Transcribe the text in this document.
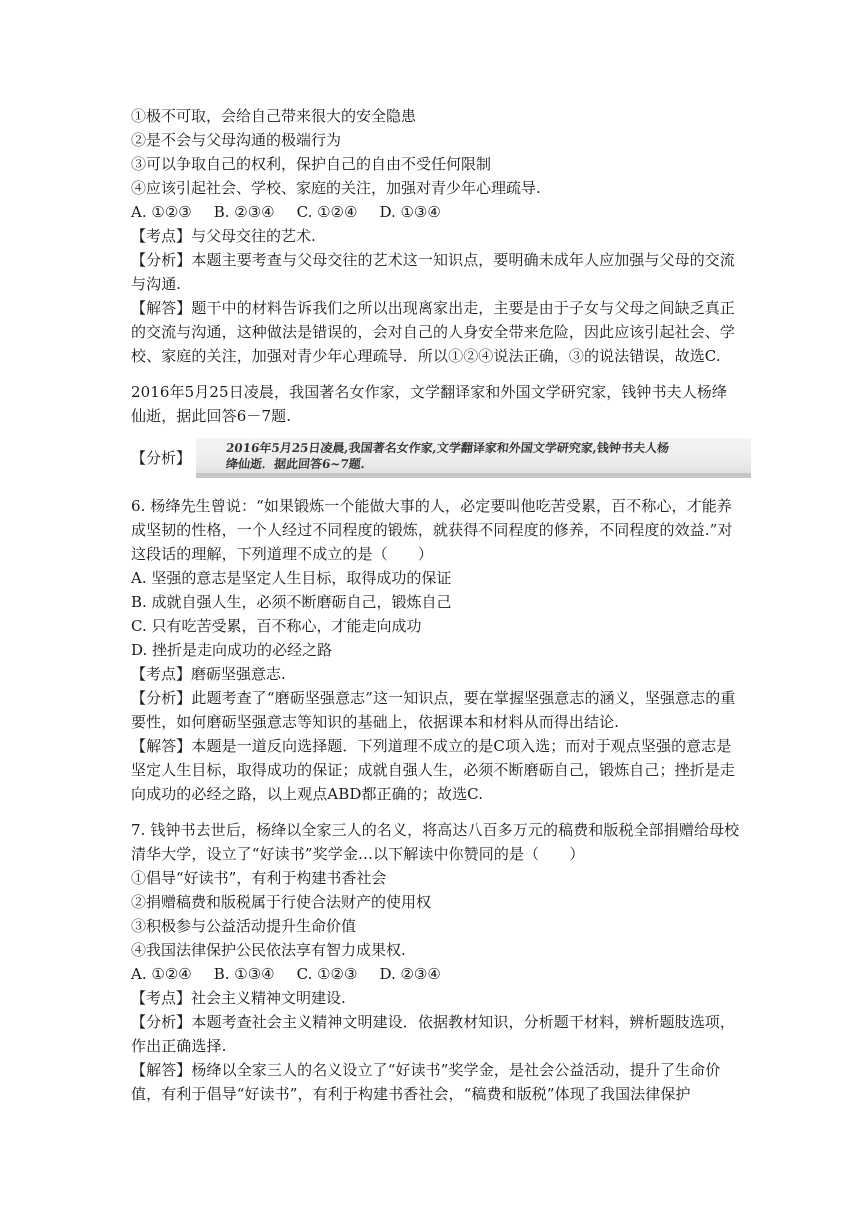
①极不可取，会给自己带来很大的安全隐患
②是不会与父母沟通的极端行为
③可以争取自己的权利，保护自己的自由不受任何限制
④应该引起社会、学校、家庭的关注，加强对青少年心理疏导.
A. ①②③ B. ②③④ C. ①②④ D. ①③④
【考点】与父母交往的艺术.
【分析】本题主要考查与父母交往的艺术这一知识点，要明确未成年人应加强与父母的交流与沟通.
【解答】题干中的材料告诉我们之所以出现离家出走，主要是由于子女与父母之间缺乏真正的交流与沟通，这种做法是错误的，会对自己的人身安全带来危险，因此应该引起社会、学校、家庭的关注，加强对青少年心理疏导．所以①②④说法正确，③的说法错误，故选C.
2016年5月25日凌晨，我国著名女作家，文学翻译家和外国文学研究家，钱钟书夫人杨绛仙逝，据此回答6－7题.
【分析】
2016年5月25日凌晨,我国著名女作家,文学翻译家和外国文学研究家,钱钟书夫人杨
绛仙逝．据此回答6~7题.
6. 杨绛先生曾说：“如果锻炼一个能做大事的人，必定要叫他吃苦受累，百不称心，才能养成坚韧的性格，一个人经过不同程度的锻炼，就获得不同程度的修养，不同程度的效益.”对这段话的理解，下列道理不成立的是（　　）
A. 坚强的意志是坚定人生目标，取得成功的保证
B. 成就自强人生，必须不断磨砺自己，锻炼自己
C. 只有吃苦受累，百不称心，才能走向成功
D. 挫折是走向成功的必经之路
【考点】磨砺坚强意志.
【分析】此题考查了“磨砺坚强意志”这一知识点，要在掌握坚强意志的涵义，坚强意志的重要性，如何磨砺坚强意志等知识的基础上，依据课本和材料从而得出结论.
【解答】本题是一道反向选择题．下列道理不成立的是C项入选；而对于观点坚强的意志是坚定人生目标，取得成功的保证；成就自强人生，必须不断磨砺自己，锻炼自己；挫折是走向成功的必经之路，以上观点ABD都正确的；故选C.
7. 钱钟书去世后，杨绛以全家三人的名义，将高达八百多万元的稿费和版税全部捐赠给母校清华大学，设立了“好读书”奖学金…以下解读中你赞同的是（　　）
①倡导“好读书”，有利于构建书香社会
②捐赠稿费和版税属于行使合法财产的使用权
③积极参与公益活动提升生命价值
④我国法律保护公民依法享有智力成果权.
A. ①②④ B. ①③④ C. ①②③ D. ②③④
【考点】社会主义精神文明建设.
【分析】本题考查社会主义精神文明建设．依据教材知识，分析题干材料，辨析题肢选项，作出正确选择.
【解答】杨绛以全家三人的名义设立了“好读书”奖学金，是社会公益活动，提升了生命价值，有利于倡导“好读书”，有利于构建书香社会，“稿费和版税”体现了我国法律保护
